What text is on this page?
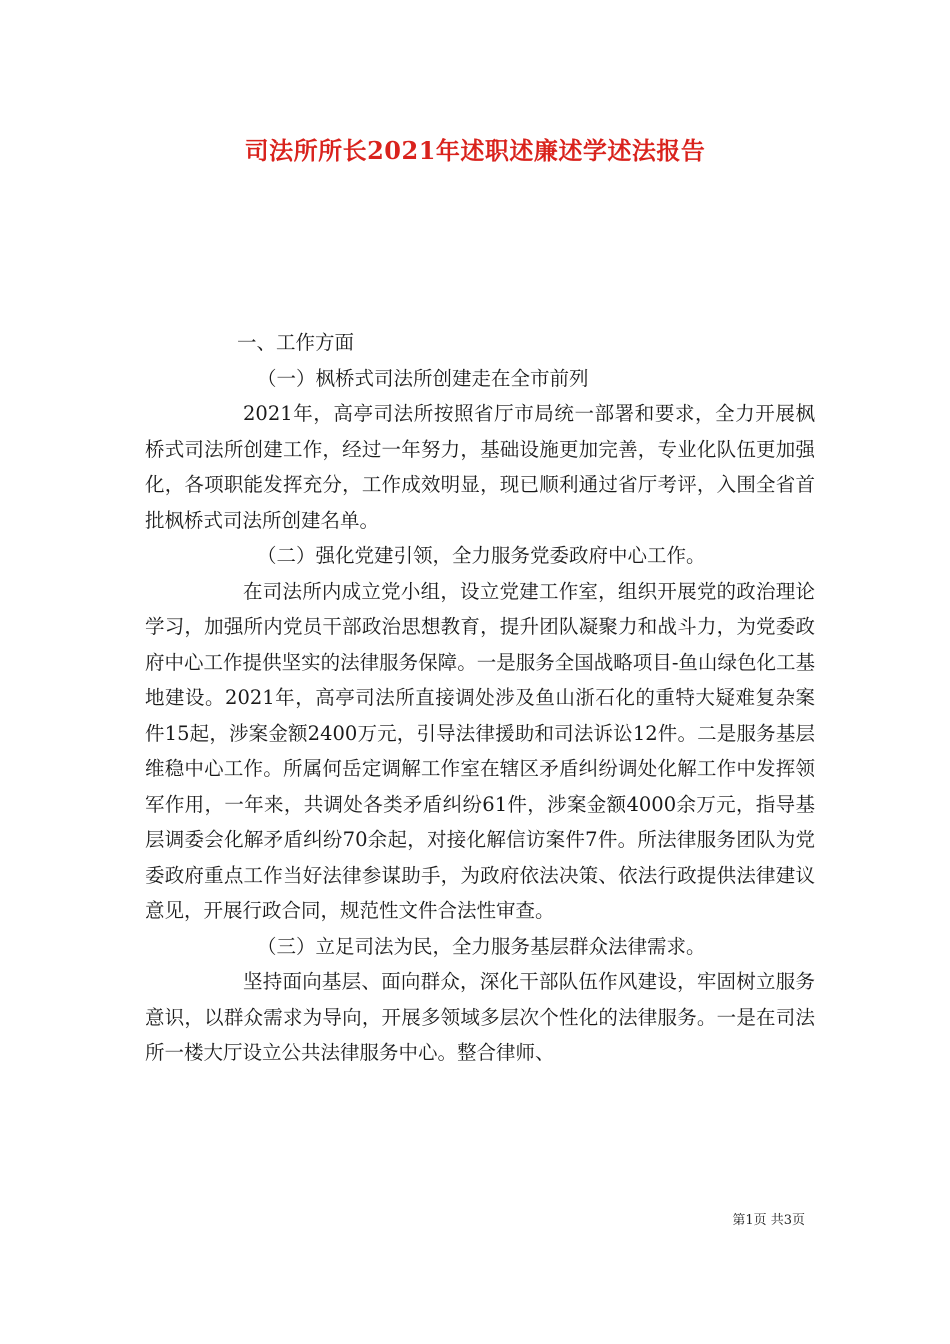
司法所所长2021年述职述廉述学述法报告

一、工作方面

（一）枫桥式司法所创建走在全市前列

2021年，高亭司法所按照省厅市局统一部署和要求，全力开展枫桥式司法所创建工作，经过一年努力，基础设施更加完善，专业化队伍更加强化，各项职能发挥充分，工作成效明显，现已顺利通过省厅考评，入围全省首批枫桥式司法所创建名单。

（二）强化党建引领，全力服务党委政府中心工作。

在司法所内成立党小组，设立党建工作室，组织开展党的政治理论学习，加强所内党员干部政治思想教育，提升团队凝聚力和战斗力，为党委政府中心工作提供坚实的法律服务保障。一是服务全国战略项目-鱼山绿色化工基地建设。2021年，高亭司法所直接调处涉及鱼山浙石化的重特大疑难复杂案件15起，涉案金额2400万元，引导法律援助和司法诉讼12件。二是服务基层维稳中心工作。所属何岳定调解工作室在辖区矛盾纠纷调处化解工作中发挥领军作用，一年来，共调处各类矛盾纠纷61件，涉案金额4000余万元，指导基层调委会化解矛盾纠纷70余起，对接化解信访案件7件。所法律服务团队为党委政府重点工作当好法律参谋助手，为政府依法决策、依法行政提供法律建议意见，开展行政合同，规范性文件合法性审查。

（三）立足司法为民，全力服务基层群众法律需求。

坚持面向基层、面向群众，深化干部队伍作风建设，牢固树立服务意识，以群众需求为导向，开展多领域多层次个性化的法律服务。一是在司法所一楼大厅设立公共法律服务中心。整合律师、

第1页 共3页
